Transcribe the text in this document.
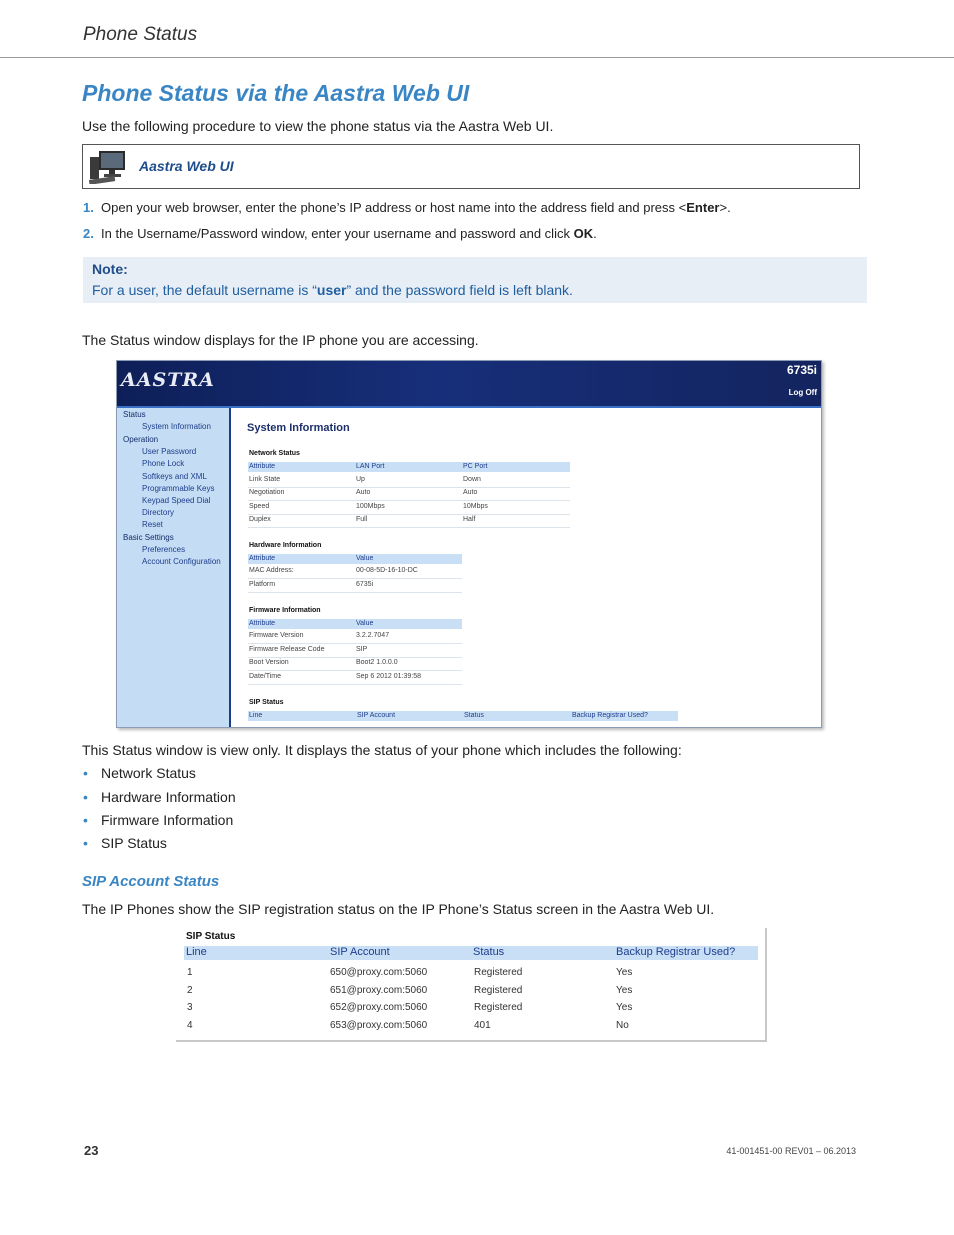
Phone Status
Phone Status via the Aastra Web UI
Use the following procedure to view the phone status via the Aastra Web UI.
Aastra Web UI
1. Open your web browser, enter the phone’s IP address or host name into the address field and press <Enter>.
2. In the Username/Password window, enter your username and password and click OK.
Note:
For a user, the default username is “user” and the password field is left blank.
The Status window displays for the IP phone you are accessing.
AASTRA	6735i
Log Off
Status
System Information
Operation
User Password
Phone Lock
Softkeys and XML
Programmable Keys
Keypad Speed Dial
Directory
Reset
Basic Settings
Preferences
Account Configuration
System Information
Network Status
Attribute	LAN Port	PC Port
Link State	Up	Down
Negotiation	Auto	Auto
Speed	100Mbps	10Mbps
Duplex	Full	Half
Hardware Information
Attribute	Value
MAC Address:	00-08-5D-16-10-DC
Platform	6735i
Firmware Information
Attribute	Value
Firmware Version	3.2.2.7047
Firmware Release Code	SIP
Boot Version	Boot2 1.0.0.0
Date/Time	Sep 6 2012 01:39:58
SIP Status
Line	SIP Account	Status	Backup Registrar Used?
This Status window is view only. It displays the status of your phone which includes the following:
• Network Status
• Hardware Information
• Firmware Information
• SIP Status
SIP Account Status
The IP Phones show the SIP registration status on the IP Phone’s Status screen in the Aastra Web UI.
SIP Status
Line	SIP Account	Status	Backup Registrar Used?
1	650@proxy.com:5060	Registered	Yes
2	651@proxy.com:5060	Registered	Yes
3	652@proxy.com:5060	Registered	Yes
4	653@proxy.com:5060	401	No
23	41-001451-00 REV01 – 06.2013
